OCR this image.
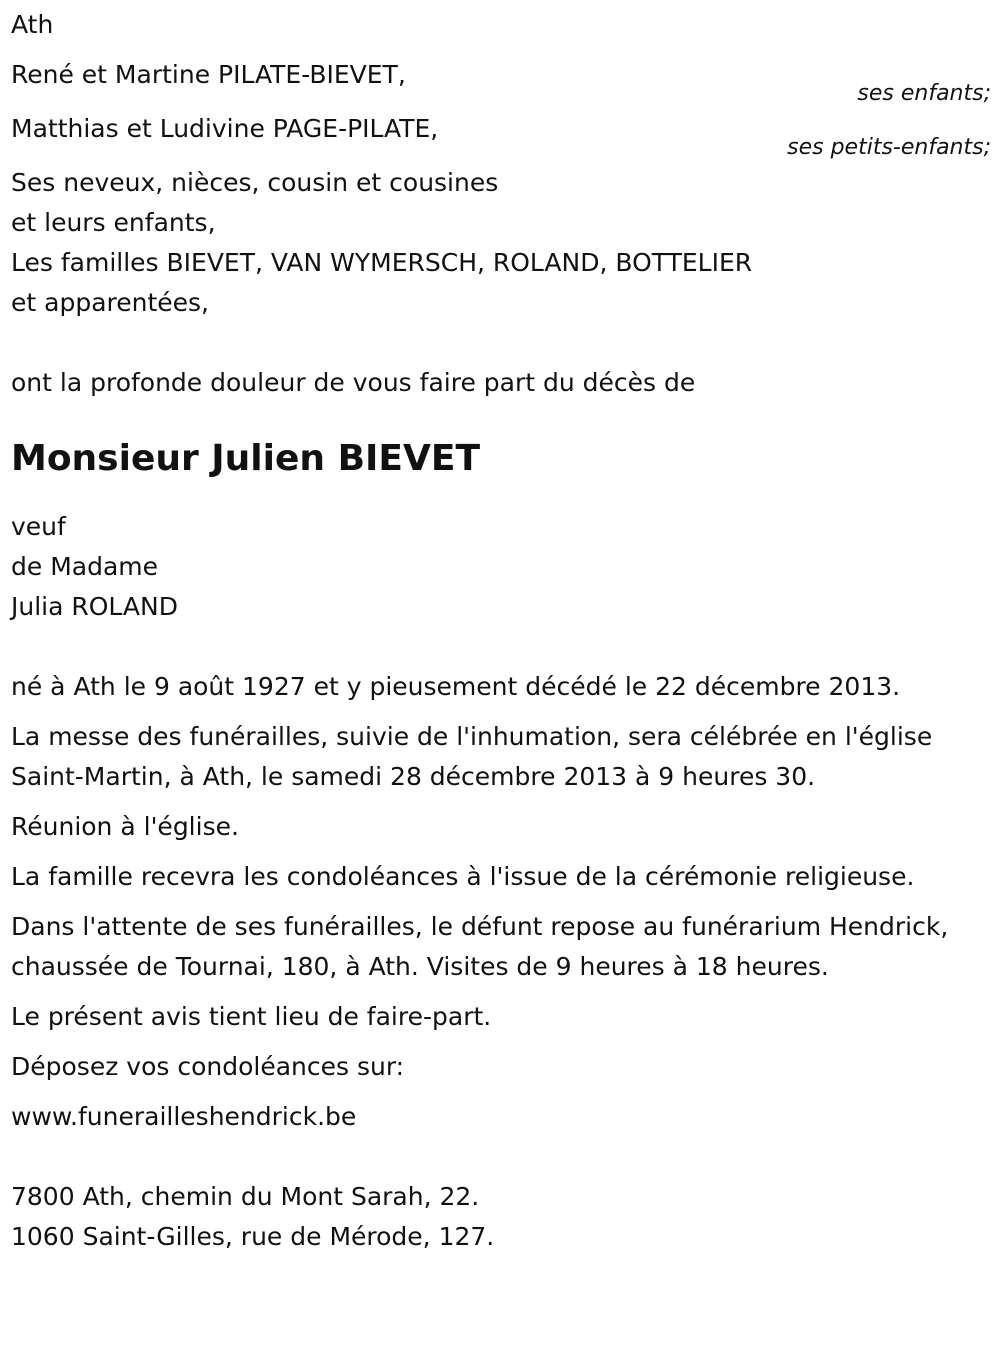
Ath
René et Martine PILATE-BIEVET,
ses enfants;
Matthias et Ludivine PAGE-PILATE,
ses petits-enfants;
Ses neveux, nièces, cousin et cousines
et leurs enfants,
Les familles BIEVET, VAN WYMERSCH, ROLAND, BOTTELIER
et apparentées,
ont la profonde douleur de vous faire part du décès de
Monsieur Julien BIEVET
veuf
de Madame
Julia ROLAND
né à Ath le 9 août 1927 et y pieusement décédé le 22 décembre 2013.
La messe des funérailles, suivie de l'inhumation, sera célébrée en l'église Saint-Martin, à Ath, le samedi 28 décembre 2013 à 9 heures 30.
Réunion à l'église.
La famille recevra les condoléances à l'issue de la cérémonie religieuse.
Dans l'attente de ses funérailles, le défunt repose au funérarium Hendrick, chaussée de Tournai, 180, à Ath. Visites de 9 heures à 18 heures.
Le présent avis tient lieu de faire-part.
Déposez vos condoléances sur:
www.funerailleshendrick.be
7800 Ath, chemin du Mont Sarah, 22.
1060 Saint-Gilles, rue de Mérode, 127.
